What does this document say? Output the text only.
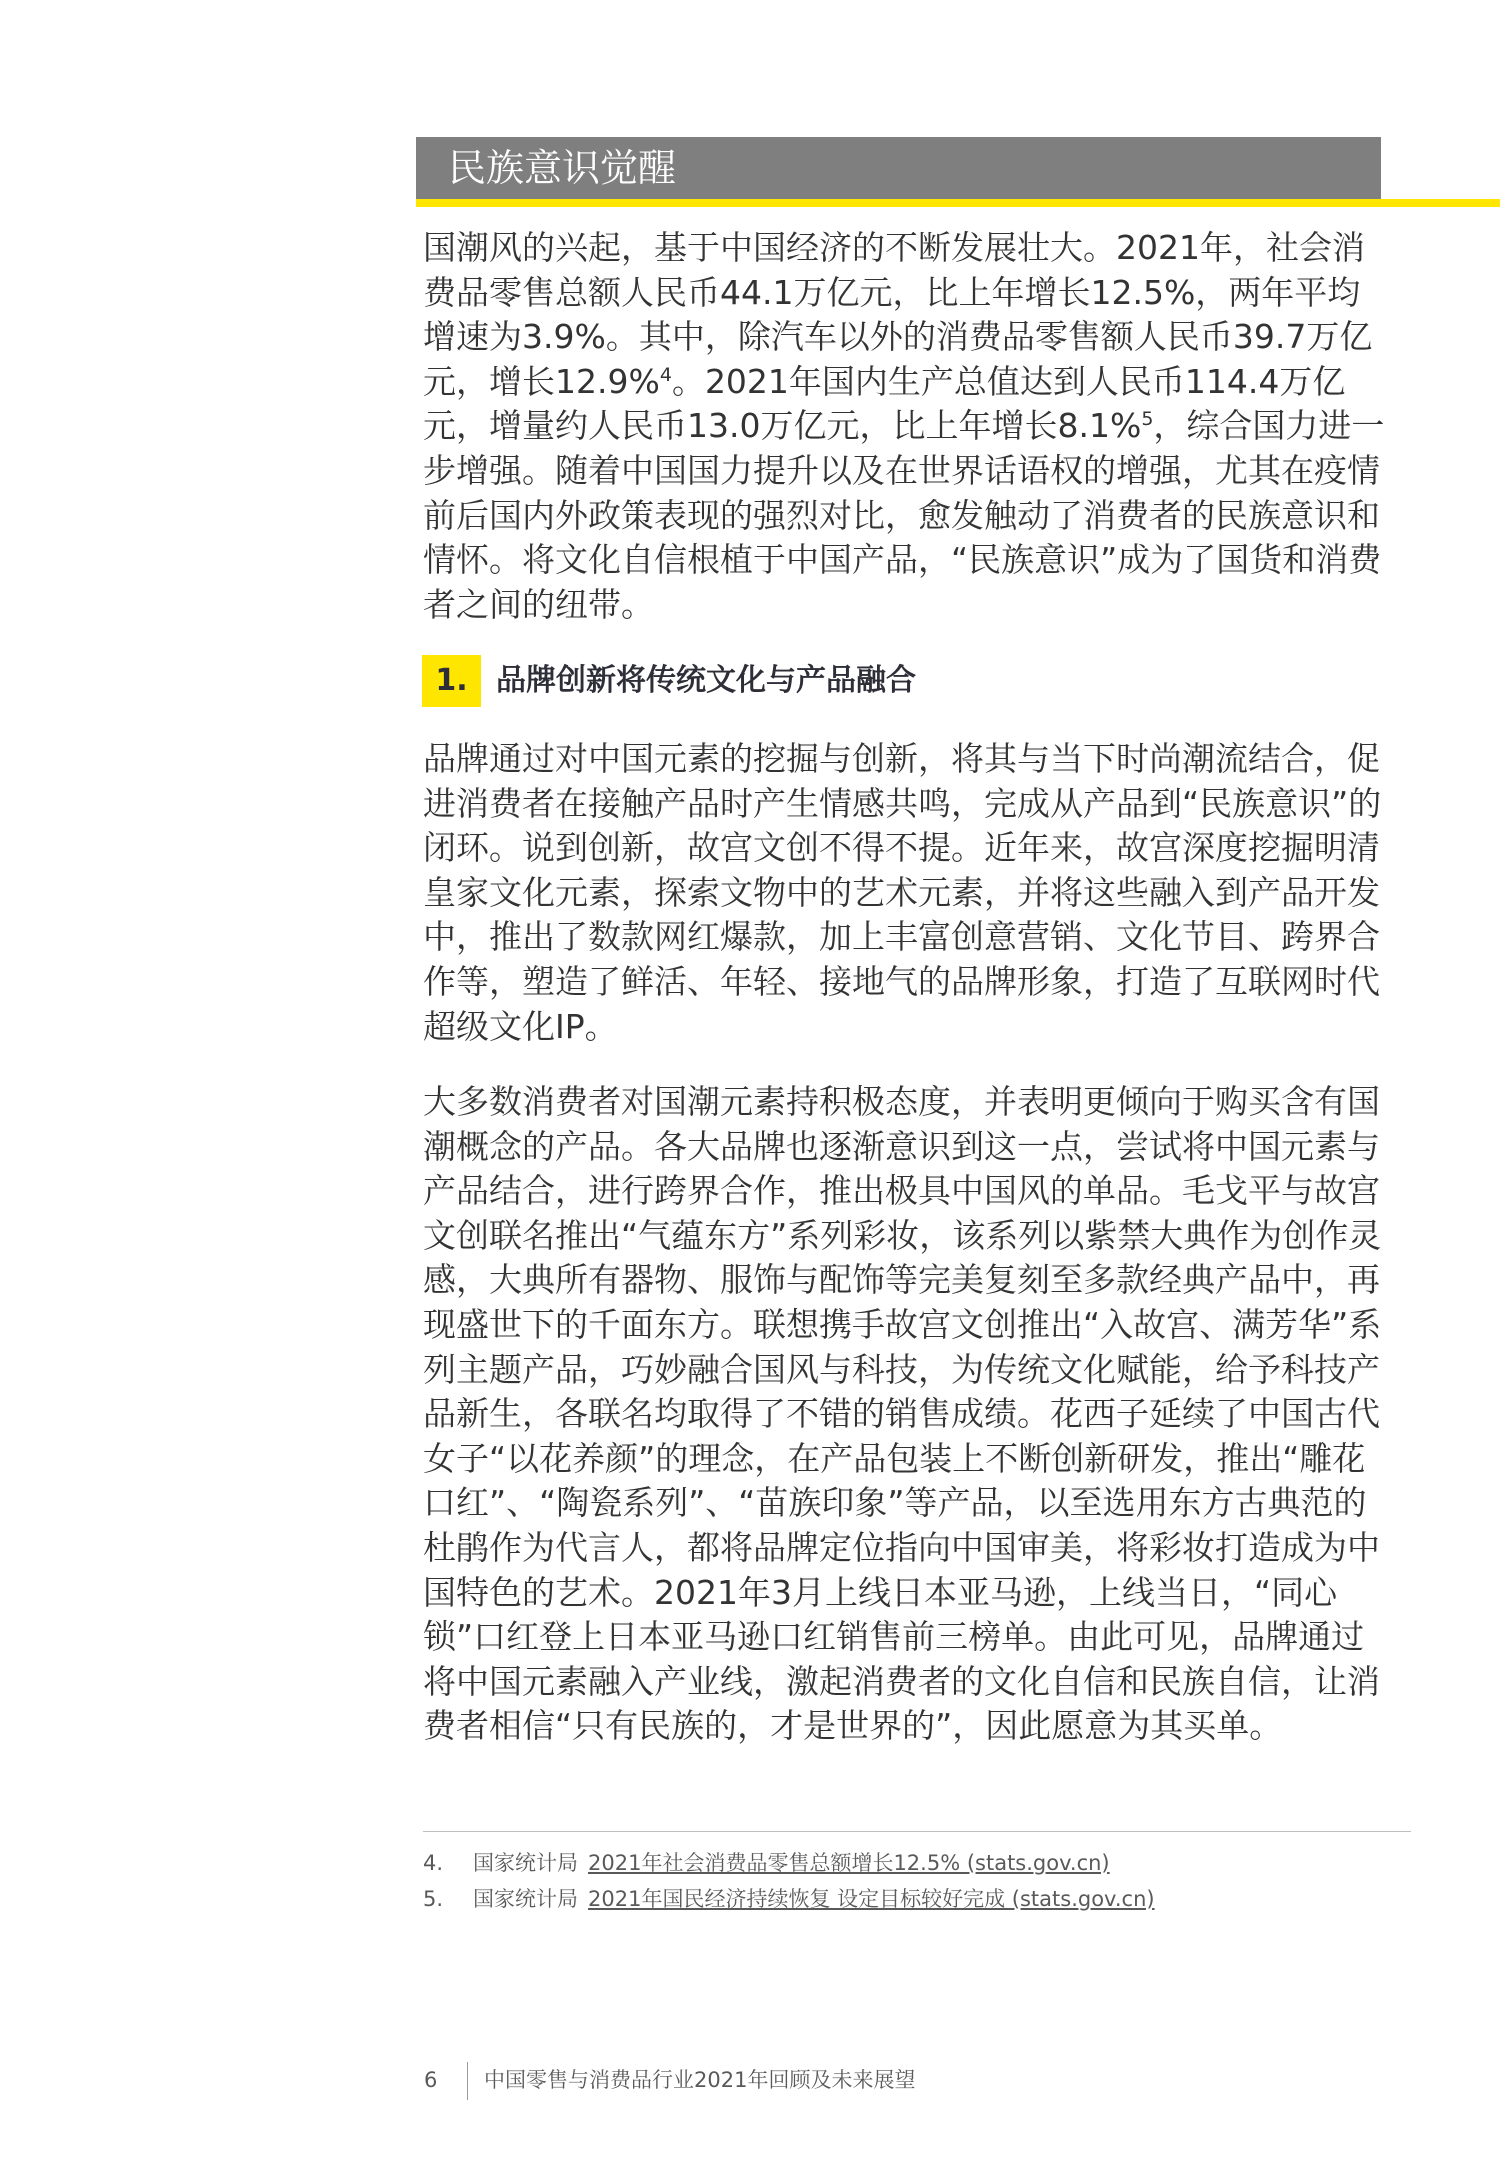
民族意识觉醒

国潮风的兴起，基于中国经济的不断发展壮大。2021年，社会消费品零售总额人民币44.1万亿元，比上年增长12.5%，两年平均增速为3.9%。其中，除汽车以外的消费品零售额人民币39.7万亿元，增长12.9%$^4$。2021年国内生产总值达到人民币114.4万亿元，增量约人民币13.0万亿元，比上年增长8.1%$^5$，综合国力进一步增强。随着中国国力提升以及在世界话语权的增强，尤其在疫情前后国内外政策表现的强烈对比，愈发触动了消费者的民族意识和情怀。将文化自信根植于中国产品，“民族意识”成为了国货和消费者之间的纽带。

1. 品牌创新将传统文化与产品融合

品牌通过对中国元素的挖掘与创新，将其与当下时尚潮流结合，促进消费者在接触产品时产生情感共鸣，完成从产品到“民族意识”的闭环。说到创新，故宫文创不得不提。近年来，故宫深度挖掘明清皇家文化元素，探索文物中的艺术元素，并将这些融入到产品开发中，推出了数款网红爆款，加上丰富创意营销、文化节目、跨界合作等，塑造了鲜活、年轻、接地气的品牌形象，打造了互联网时代超级文化IP。

大多数消费者对国潮元素持积极态度，并表明更倾向于购买含有国潮概念的产品。各大品牌也逐渐意识到这一点，尝试将中国元素与产品结合，进行跨界合作，推出极具中国风的单品。毛戈平与故宫文创联名推出“气蕴东方”系列彩妆，该系列以紫禁大典作为创作灵感，大典所有器物、服饰与配饰等完美复刻至多款经典产品中，再现盛世下的千面东方。联想携手故宫文创推出“入故宫、满芳华”系列主题产品，巧妙融合国风与科技，为传统文化赋能，给予科技产品新生，各联名均取得了不错的销售成绩。花西子延续了中国古代女子“以花养颜”的理念，在产品包装上不断创新研发，推出“雕花口红”、“陶瓷系列”、“苗族印象”等产品，以至选用东方古典范的杜鹃作为代言人，都将品牌定位指向中国审美，将彩妆打造成为中国特色的艺术。2021年3月上线日本亚马逊，上线当日，“同心锁”口红登上日本亚马逊口红销售前三榜单。由此可见，品牌通过将中国元素融入产业线，激起消费者的文化自信和民族自信，让消费者相信“只有民族的，才是世界的”，因此愿意为其买单。

4. 国家统计局 2021年社会消费品零售总额增长12.5% (stats.gov.cn)
5. 国家统计局 2021年国民经济持续恢复 设定目标较好完成 (stats.gov.cn)
6 中国零售与消费品行业2021年回顾及未来展望
